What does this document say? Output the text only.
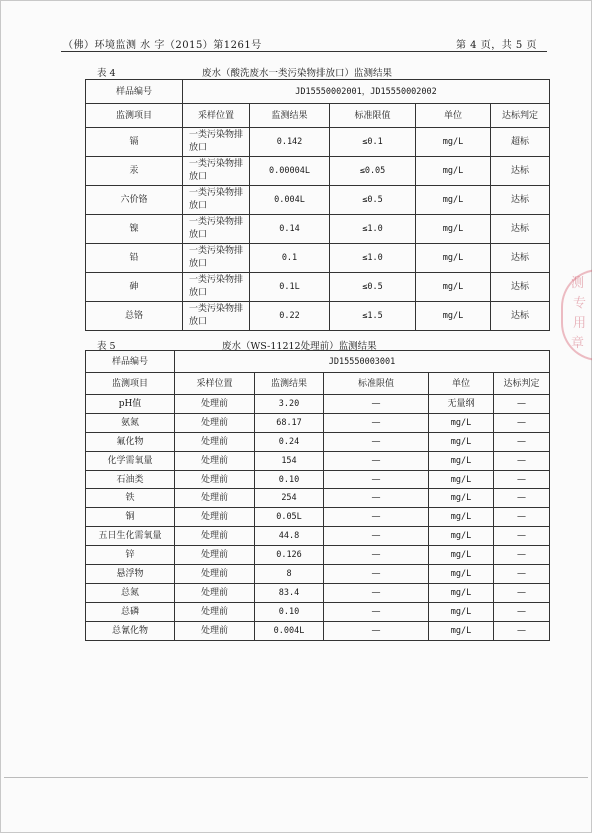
（佛）环境监测 水 字（2015）第1261号	第 4 页，共 5 页
表 4	废水（酸洗废水一类污染物排放口）监测结果
样品编号	JD15550002001，JD15550002002				
监测项目	采样位置	监测结果	标准限值	单位	达标判定
镉	一类污染物排放口	0.142	≤0.1	mg/L	超标
汞	一类污染物排放口	0.00004L	≤0.05	mg/L	达标
六价铬	一类污染物排放口	0.004L	≤0.5	mg/L	达标
镍	一类污染物排放口	0.14	≤1.0	mg/L	达标
铅	一类污染物排放口	0.1	≤1.0	mg/L	达标
砷	一类污染物排放口	0.1L	≤0.5	mg/L	达标
总铬	一类污染物排放口	0.22	≤1.5	mg/L	达标
表 5	废水（WS-11212处理前）监测结果
样品编号	JD15550003001				
监测项目	采样位置	监测结果	标准限值	单位	达标判定
pH值	处理前	3.20	—	无量纲	—
氨氮	处理前	68.17	—	mg/L	—
氟化物	处理前	0.24	—	mg/L	—
化学需氧量	处理前	154	—	mg/L	—
石油类	处理前	0.10	—	mg/L	—
铁	处理前	254	—	mg/L	—
铜	处理前	0.05L	—	mg/L	—
五日生化需氧量	处理前	44.8	—	mg/L	—
锌	处理前	0.126	—	mg/L	—
悬浮物	处理前	8	—	mg/L	—
总氮	处理前	83.4	—	mg/L	—
总磷	处理前	0.10	—	mg/L	—
总氰化物	处理前	0.004L	—	mg/L	—
测
专
用
章
